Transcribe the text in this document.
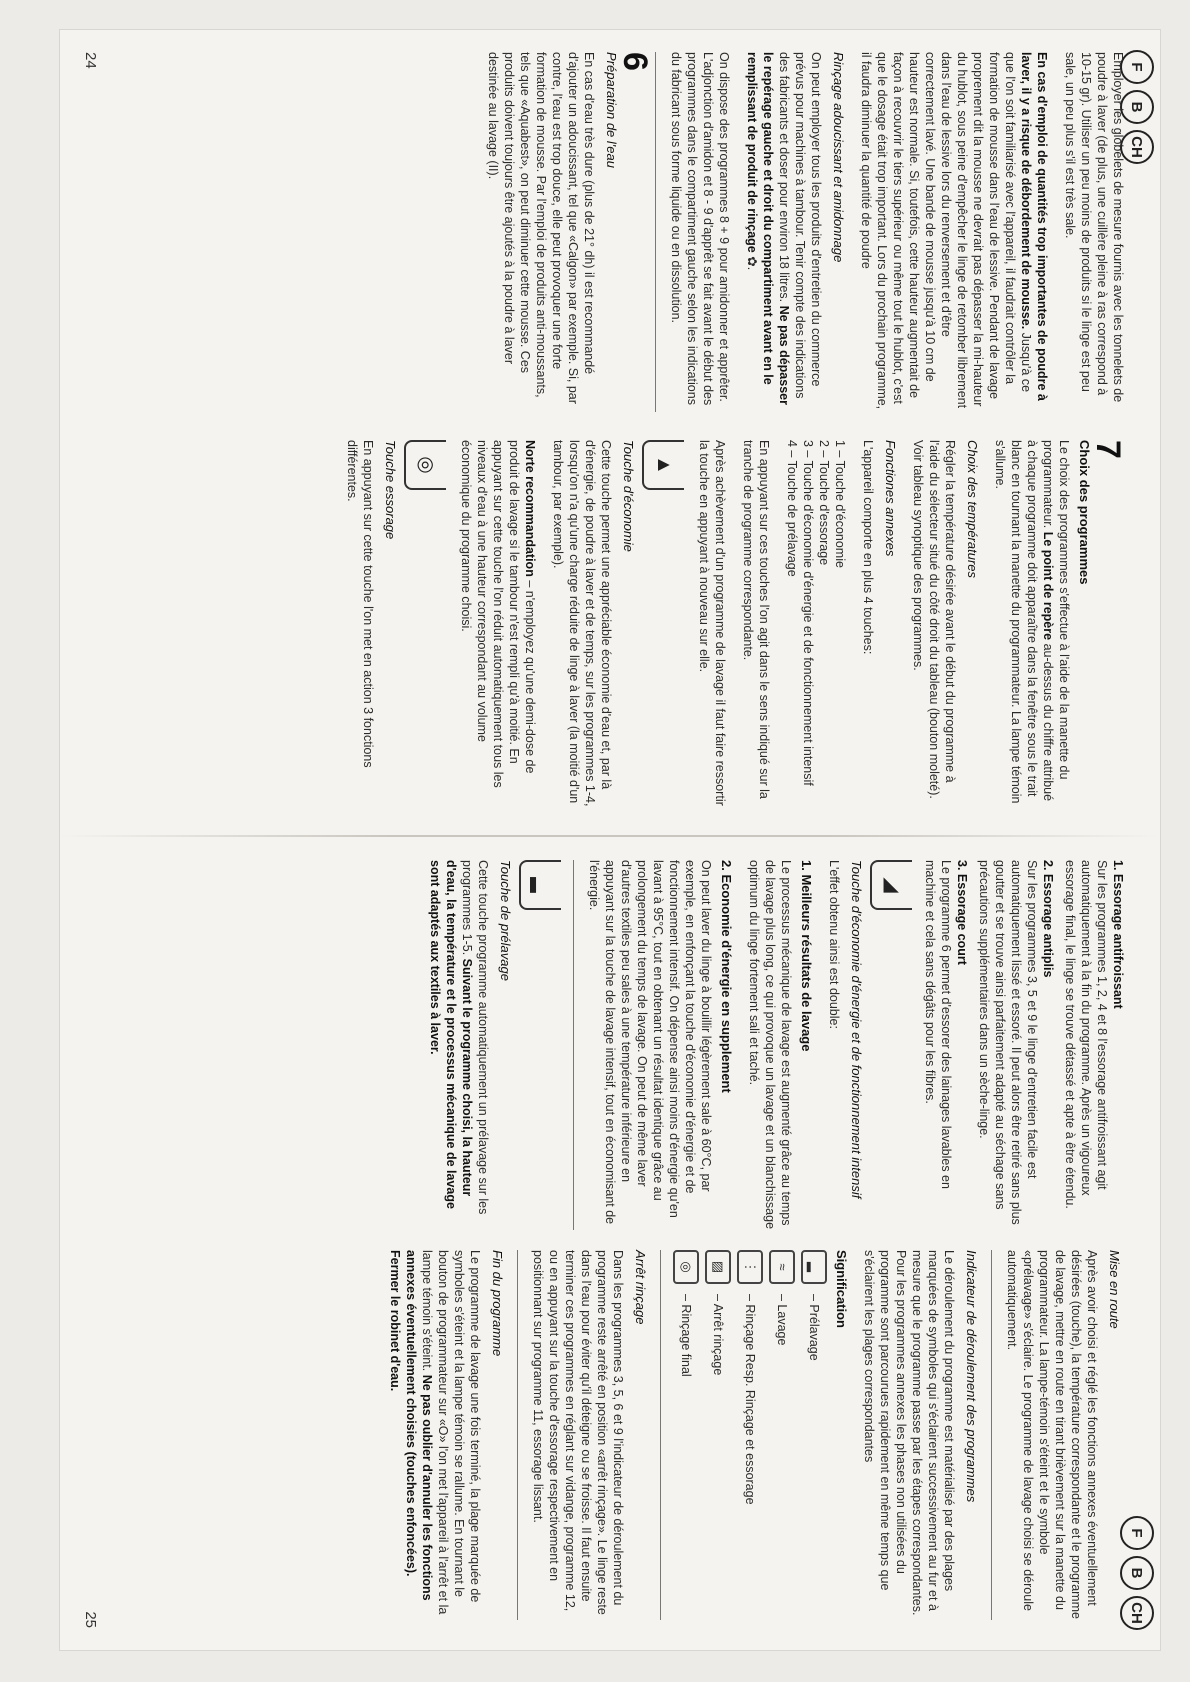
F
B
CH

Employer les globelets de mesure fournis avec les tonnelets de poudre à laver (de plus, une cuillère pleine à ras correspond à 10-15 gr). Utiliser un peu moins de produits si le linge est peu sale, un peu plus s'il est très sale.

En cas d'emploi de quantités trop importantes de poudre à laver, il y a risque de débordement de mousse. Jusqu'à ce que l'on soit familiarisé avec l'appareil, il faudrait contrôler la formation de mousse dans l'eau de lessive. Pendant de lavage proprement dit la mousse ne devrait pas dépasser la mi-hauteur du hublot, sous peine d'empêcher le linge de retomber librement dans l'eau de lessive lors du renversement et d'être correctement lavé. Une bande de mousse jusqu'à 10 cm de hauteur est normale. Si, toutefois, cette hauteur augmentait de façon à recouvrir le tiers supérieur ou même tout le hublot, c'est que le dosage était trop important. Lors du prochain programme, il faudra diminuer la quantité de poudre

Rinçage adoucissant et amidonnage

On peut employer tous les produits d'entretien du commerce prévus pour machines à tambour. Tenir compte des indications des fabricants et doser pour environ 18 litres. Ne pas dépasser le repérage gauche et droit du compartiment avant en le remplissant de produit de rinçage ✿.

On dispose des programmes 8 + 9 pour amidonner et apprêter. L'adjonction d'amidon et 8 - 9 d'apprêt se fait avant le début des programmes dans le compartiment gauche selon les indications du fabricant sous forme liquide ou en dissolution.

6
Préparation de l'eau

En cas d'eau très dure (plus de 21° dh) il est recommandé d'ajouter un adoucissant, tel que «Calgon» par exemple. Si, par contre, l'eau est trop douce, elle peut provoquer une forte formation de mousse. Par l'emploi de produits anti-moussants, tels que «Aquabest», on peut diminuer cette mousse. Ces produits doivent toujours être ajoutés à la poudre à laver destinée au lavage (II).

7
Choix des programmes

Le choix des programmes s'effectue à l'aide de la manette du programmateur. Le point de repère au-dessus du chiffre attribué à chaque programme doit apparaître dans la fenêtre sous le trait blanc en tournant la manette du programmateur. La lampe témoin s'allume.

Choix des températures

Régler la température désirée avant le début du programme à l'aide du sélecteur situé du côté droit du tableau (bouton moleté). Voir tableau synoptique des programmes.

Fonctiones annexes

L'appareil comporte en plus 4 touches:

1 – Touche d'économie
2 – Touche d'essorage
3 – Touche d'économie d'énergie et de fonctionnement intensif
4 – Touche de prélavage

En appuyant sur ces touches l'on agit dans le sens indiqué sur la tranche de programme correspondante.

Après achèvement d'un programme de lavage il faut faire ressortir la touche en appuyant à nouveau sur elle.

▲
Touche d'économie

Cette touche permet une appréciable économie d'eau et, par là d'énergie, de poudre à laver et de temps, sur les programmes 1-4, lorsqu'on n'a qu'une charge réduite de linge à laver (la moitié d'un tambour, par exemple).

Norte recommandation – n'employez qu'une demi-dose de produit de lavage si le tambour n'est rempli qu'à moitié. En appuyant sur cette touche l'on réduit automatiquement tous les niveaux d'eau à une hauteur correspondant au volume économique du programme choisi.

◎
Touche essorage

En appuyant sur cette touche l'on met en action 3 fonctions différentes.

24
F
B
CH
1. Essorage antifroissant
Sur les programmes 1, 2, 4 et 8 l'essorage antifroissant agit automatiquement à la fin du programme. Après un vigoureux essorage final, le linge se trouve détassé et apte à être étendu.
2. Essorage antiplis
Sur les programmes 3, 5 et 9 le linge d'entretien facile est automatiquement lissé et essoré. Il peut alors être retiré sans plus goutter et se trouve ainsi parfaitement adapté au séchage sans précautions supplémentaires dans un sèche-linge.
3. Essorage court
Le programme 6 permet d'essorer des lainages lavables en machine et cela sans dégâts pour les fibres.
◢
Touche d'économie d'énergie et de fonctionnement intensif

L'effet obtenu ainsi est double:

1. Meilleurs résultats de lavage

Le processus mécanique de lavage est augmenté grâce au temps de lavage plus long, ce qui provoque un lavage et un blanchissage optimum du linge fortement sali et taché.

2. Economie d'énergie en supplement

On peut laver du linge à bouillir légèrement sale à 60°C, par exemple, en enfonçant la touche d'économie d'énergie et de fonctionnement intensif. On dépense ainsi moins d'énergie qu'en lavant à 95°C, tout en obtenant un résultat identique grâce au prolongement du temps de lavage. On peut de même laver d'autres textiles peu sales à une température inférieure en appuyant sur la touche de lavage intensif, tout en économisant de l'énergie.

▂
Touche de prélavage

Cette touche programme automatiquement un prélavage sur les programmes 1-5. Suivant le programme choisi, la hauteur d'eau, la température et le processus mécanique de lavage sont adaptés aux textiles à laver.

Mise en route

Après avoir choisi et réglé les fonctions annexes éventuellement désirées (touche), la température correspondante et le programme de lavage, mettre en route en tirant brièvement sur la manette du programmateur. La lampe-témoin s'éteint et le symbole «prélavage» s'éclaire. Le programme de lavage choisi se déroule automatiquement.

Indicateur de déroulement des programmes

Le déroulement du programme est matérialisé par des plages marquées de symboles qui s'éclairent successivement au fur et à mesure que le programme passe par les étapes correspondantes. Pour les programmes annexes les phases non utilisées du programme sont parcourues rapidement en même temps que s'éclairent les plages correspondantes

Signification
▂
– Prélavage
≈
– Lavage
⋮
– Rinçage Resp. Rinçage et essorage
▨
– Arrêt rinçage
◎
– Rinçage final
Arrêt rinçage

Dans les programmes 3, 5, 6 et 9 l'indicateur de déroulement du programme reste arrêté en position «arrêt rinçage». Le linge reste dans l'eau pour éviter qu'il déteigne ou se froisse. Il faut ensuite terminer ces programmes en réglant sur vidange, programme 12, ou en appuyant sur la touche d'essorage respectivement en positionnant sur programme 11, essorage lissant.

Fin du programme

Le programme de lavage une fois terminé, la plage marquée de symboles s'éteint et la lampe témoin se rallume. En tournant le bouton de programmateur sur «O» l'on met l'appareil à l'arrêt et la lampe témoin s'éteint. Ne pas oublier d'annuler les fonctions annexes éventuellement choisies (touches enfoncées). Fermer le robinet d'eau.

25
